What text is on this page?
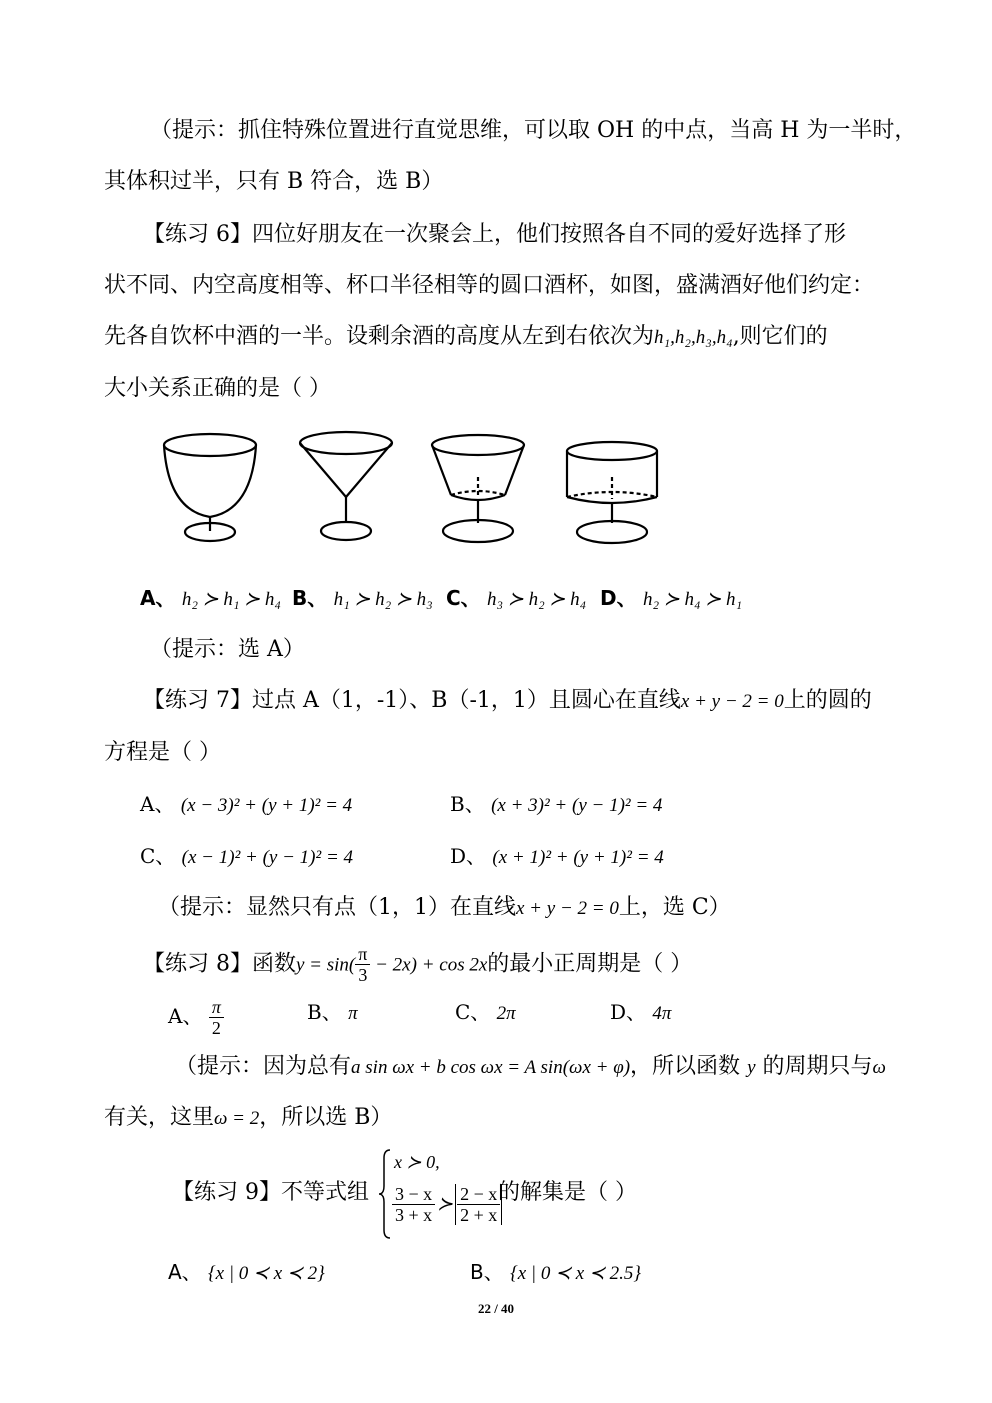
（提示：抓住特殊位置进行直觉思维，可以取 OH 的中点，当高 H 为一半时，
其体积过半，只有 B 符合，选 B）
【练习 6】四位好朋友在一次聚会上，他们按照各自不同的爱好选择了形
状不同、内空高度相等、杯口半径相等的圆口酒杯，如图，盛满酒好他们约定：
先各自饮杯中酒的一半。设剩余酒的高度从左到右依次为h₁,h₂,h₃,h₄,则它们的
大小关系正确的是（ ）
A、 h₂ ≻ h₁ ≻ h₄ B、 h₁ ≻ h₂ ≻ h₃ C、 h₃ ≻ h₂ ≻ h₄ D、 h₂ ≻ h₄ ≻ h₁
（提示：选 A）
【练习 7】过点 A（1，-1）、B（-1，1）且圆心在直线x + y − 2 = 0上的圆的
方程是（ ）
A、 (x − 3)² + (y + 1)² = 4	B、 (x + 3)² + (y − 1)² = 4
C、 (x − 1)² + (y − 1)² = 4	D、 (x + 1)² + (y + 1)² = 4
（提示：显然只有点（1，1）在直线x + y − 2 = 0上，选 C）
【练习 8】函数$y = \sin( \frac{\pi}{3} - 2x) + \cos 2x$的最小正周期是（ ）
A、 $\frac{\pi}{2}$	B、 π	C、 2π	D、 4π
（提示：因为总有a sin ωx + b cos ωx = A sin(ωx + φ)，所以函数 y 的周期只与ω
有关，这里ω = 2，所以选 B）
【练习 9】不等式组
x ≻ 0,
$\frac{3 - x}{3 + x}$ ≻ $\frac{2 - x}{2 + x}$
的解集是（ ）
A、 {x | 0 ≺ x ≺ 2}	B、 {x | 0 ≺ x ≺ 2.5}
22 / 40
